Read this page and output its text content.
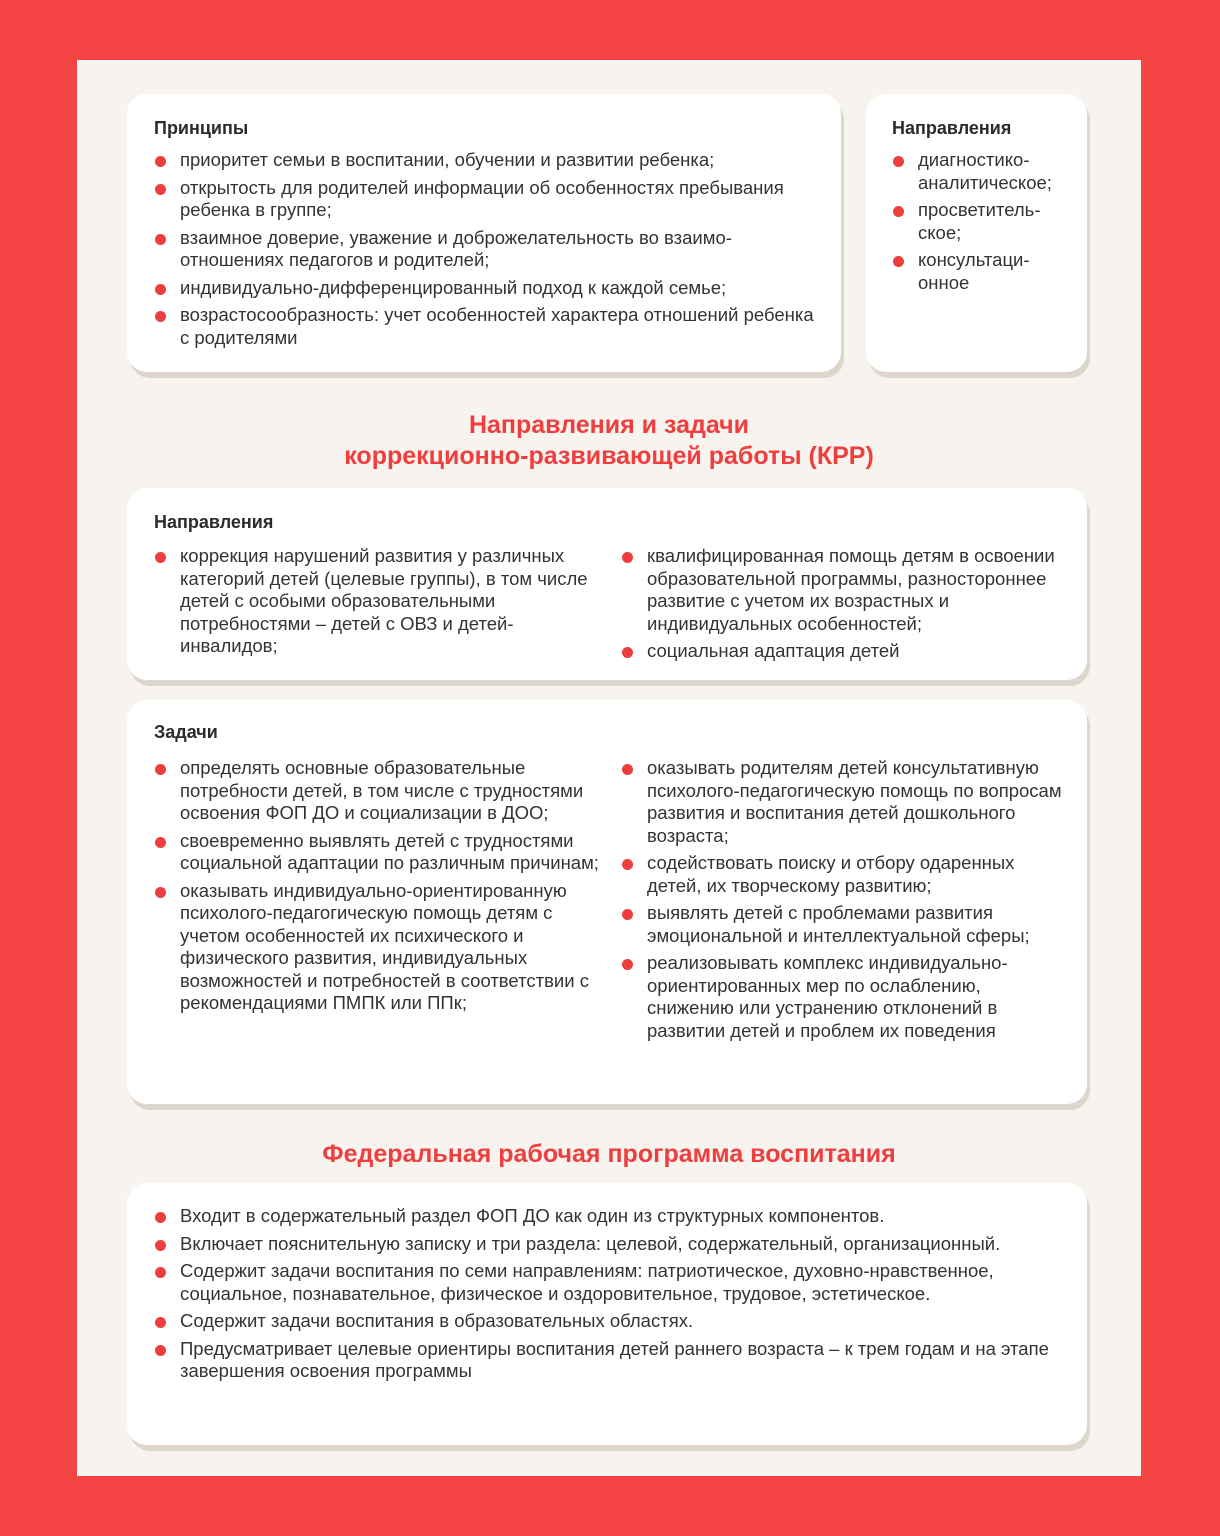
Принципы
приоритет семьи в воспитании, обучении и развитии ребенка;
открытость для родителей информации об особенностях пребывания ребенка в группе;
взаимное доверие, уважение и доброжелательность во взаимо-отношениях педагогов и родителей;
индивидуально-дифференцированный подход к каждой семье;
возрастосообразность: учет особенностей характера отношений ребенка с родителями
Направления
диагностико-аналитическое;
просветитель-ское;
консультаци-онное
Направления и задачи
коррекционно-развивающей работы (КРР)
Направления
коррекция нарушений развития у различных категорий детей (целевые группы), в том числе детей с особыми образовательными потребностями – детей с ОВЗ и детей-инвалидов;
квалифицированная помощь детям в освоении образовательной программы, разностороннее развитие с учетом их возрастных и индивидуальных особенностей;
социальная адаптация детей
Задачи
определять основные образовательные потребности детей, в том числе с трудностями освоения ФОП ДО и социализации в ДОО;
своевременно выявлять детей с трудностями социальной адаптации по различным причинам;
оказывать индивидуально-ориентированную психолого-педагогическую помощь детям с учетом особенностей их психического и физического развития, индивидуальных возможностей и потребностей в соответствии с рекомендациями ПМПК или ППк;
оказывать родителям детей консультативную психолого-педагогическую помощь по вопросам развития и воспитания детей дошкольного возраста;
содействовать поиску и отбору одаренных детей, их творческому развитию;
выявлять детей с проблемами развития эмоциональной и интеллектуальной сферы;
реализовывать комплекс индивидуально-ориентированных мер по ослаблению, снижению или устранению отклонений в развитии детей и проблем их поведения
Федеральная рабочая программа воспитания
Входит в содержательный раздел ФОП ДО как один из структурных компонентов.
Включает пояснительную записку и три раздела: целевой, содержательный, организационный.
Содержит задачи воспитания по семи направлениям: патриотическое, духовно-нравственное, социальное, познавательное, физическое и оздоровительное, трудовое, эстетическое.
Содержит задачи воспитания в образовательных областях.
Предусматривает целевые ориентиры воспитания детей раннего возраста – к трем годам и на этапе завершения освоения программы
